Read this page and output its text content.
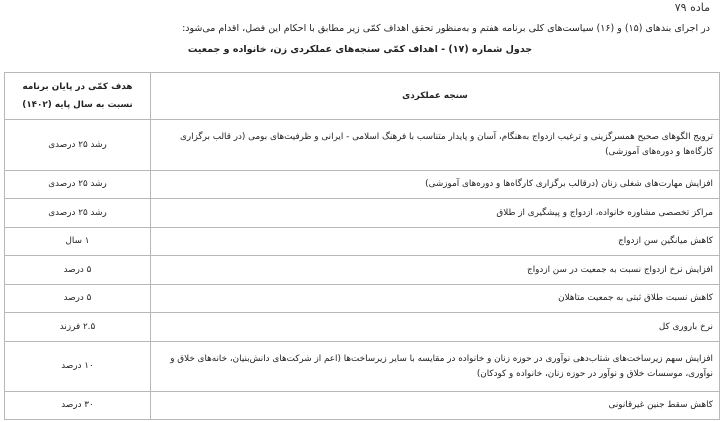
ماده ۷۹

در اجرای بندهای (۱۵) و (۱۶) سیاست‌های کلی برنامه هفتم و به‌منظور تحقق اهداف کمّی زیر مطابق با احکام این فصل، اقدام می‌شود:

جدول شماره (۱۷) - اهداف کمّی سنجه‌های عملکردی زن، خانواده و جمعیت

سنجه عملکردی	هدف کمّی در پایان برنامه نسبت به سال پایه (۱۴۰۲)
ترویج الگوهای صحیح همسرگزینی و ترغیب ازدواج به‌هنگام، آسان و پایدار متناسب با فرهنگ اسلامی - ایرانی و ظرفیت‌های بومی (در قالب برگزاری کارگاه‌ها و دوره‌های آموزشی)	رشد ۲۵ درصدی
افزایش مهارت‌های شغلی زنان (درقالب برگزاری کارگاه‌ها و دوره‌های آموزشی)	رشد ۲۵ درصدی
مراکز تخصصی مشاوره خانواده، ازدواج و پیشگیری از طلاق	رشد ۲۵ درصدی
کاهش میانگین سن ازدواج	۱ سال
افزایش نرخ ازدواج نسبت به جمعیت در سن ازدواج	۵ درصد
کاهش نسبت طلاق ثبتی به جمعیت متاهلان	۵ درصد
نرخ باروری کل	۲.۵ فرزند
افزایش سهم زیرساخت‌های شتاب‌دهی نوآوری در حوزه زنان و خانواده در مقایسه با سایر زیرساخت‌ها (اعم از شرکت‌های دانش‌بنیان، خانه‌های خلاق و نوآوری، موسسات خلاق و نوآور در حوزه زنان، خانواده و کودکان)	۱۰ درصد
کاهش سقط جنین غیرقانونی	۳۰ درصد
